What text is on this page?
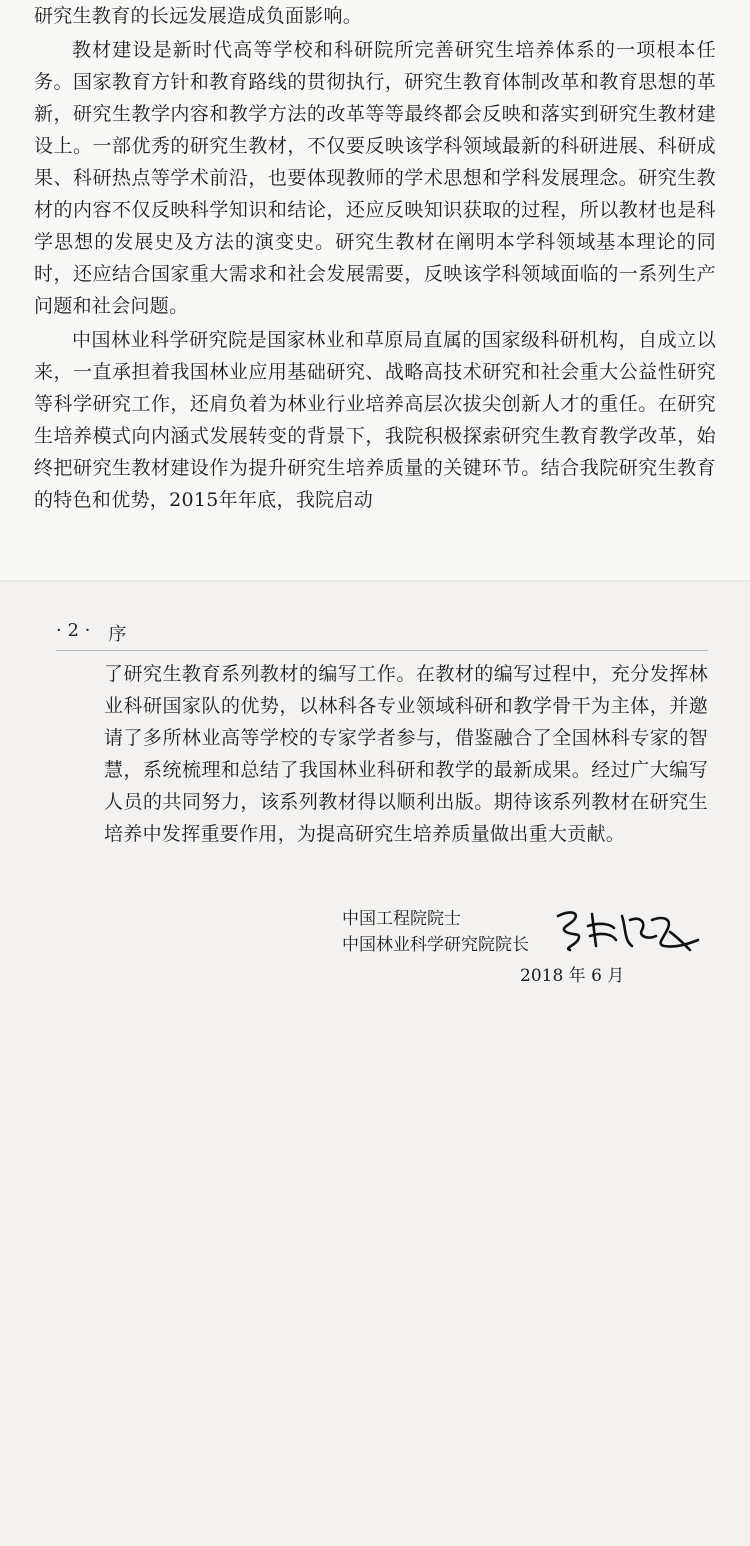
研究生教育的长远发展造成负面影响。

教材建设是新时代高等学校和科研院所完善研究生培养体系的一项根本任务。国家教育方针和教育路线的贯彻执行，研究生教育体制改革和教育思想的革新，研究生教学内容和教学方法的改革等等最终都会反映和落实到研究生教材建设上。一部优秀的研究生教材，不仅要反映该学科领域最新的科研进展、科研成果、科研热点等学术前沿，也要体现教师的学术思想和学科发展理念。研究生教材的内容不仅反映科学知识和结论，还应反映知识获取的过程，所以教材也是科学思想的发展史及方法的演变史。研究生教材在阐明本学科领域基本理论的同时，还应结合国家重大需求和社会发展需要，反映该学科领域面临的一系列生产问题和社会问题。

中国林业科学研究院是国家林业和草原局直属的国家级科研机构，自成立以来，一直承担着我国林业应用基础研究、战略高技术研究和社会重大公益性研究等科学研究工作，还肩负着为林业行业培养高层次拔尖创新人才的重任。在研究生培养模式向内涵式发展转变的背景下，我院积极探索研究生教育教学改革，始终把研究生教材建设作为提升研究生培养质量的关键环节。结合我院研究生教育的特色和优势，2015年年底，我院启动

· 2 · 序

了研究生教育系列教材的编写工作。在教材的编写过程中，充分发挥林业科研国家队的优势，以林科各专业领域科研和教学骨干为主体，并邀请了多所林业高等学校的专家学者参与，借鉴融合了全国林科专家的智慧，系统梳理和总结了我国林业科研和教学的最新成果。经过广大编写人员的共同努力，该系列教材得以顺利出版。期待该系列教材在研究生培养中发挥重要作用，为提高研究生培养质量做出重大贡献。

中国工程院院士
中国林业科学研究院院长
2018 年 6 月
